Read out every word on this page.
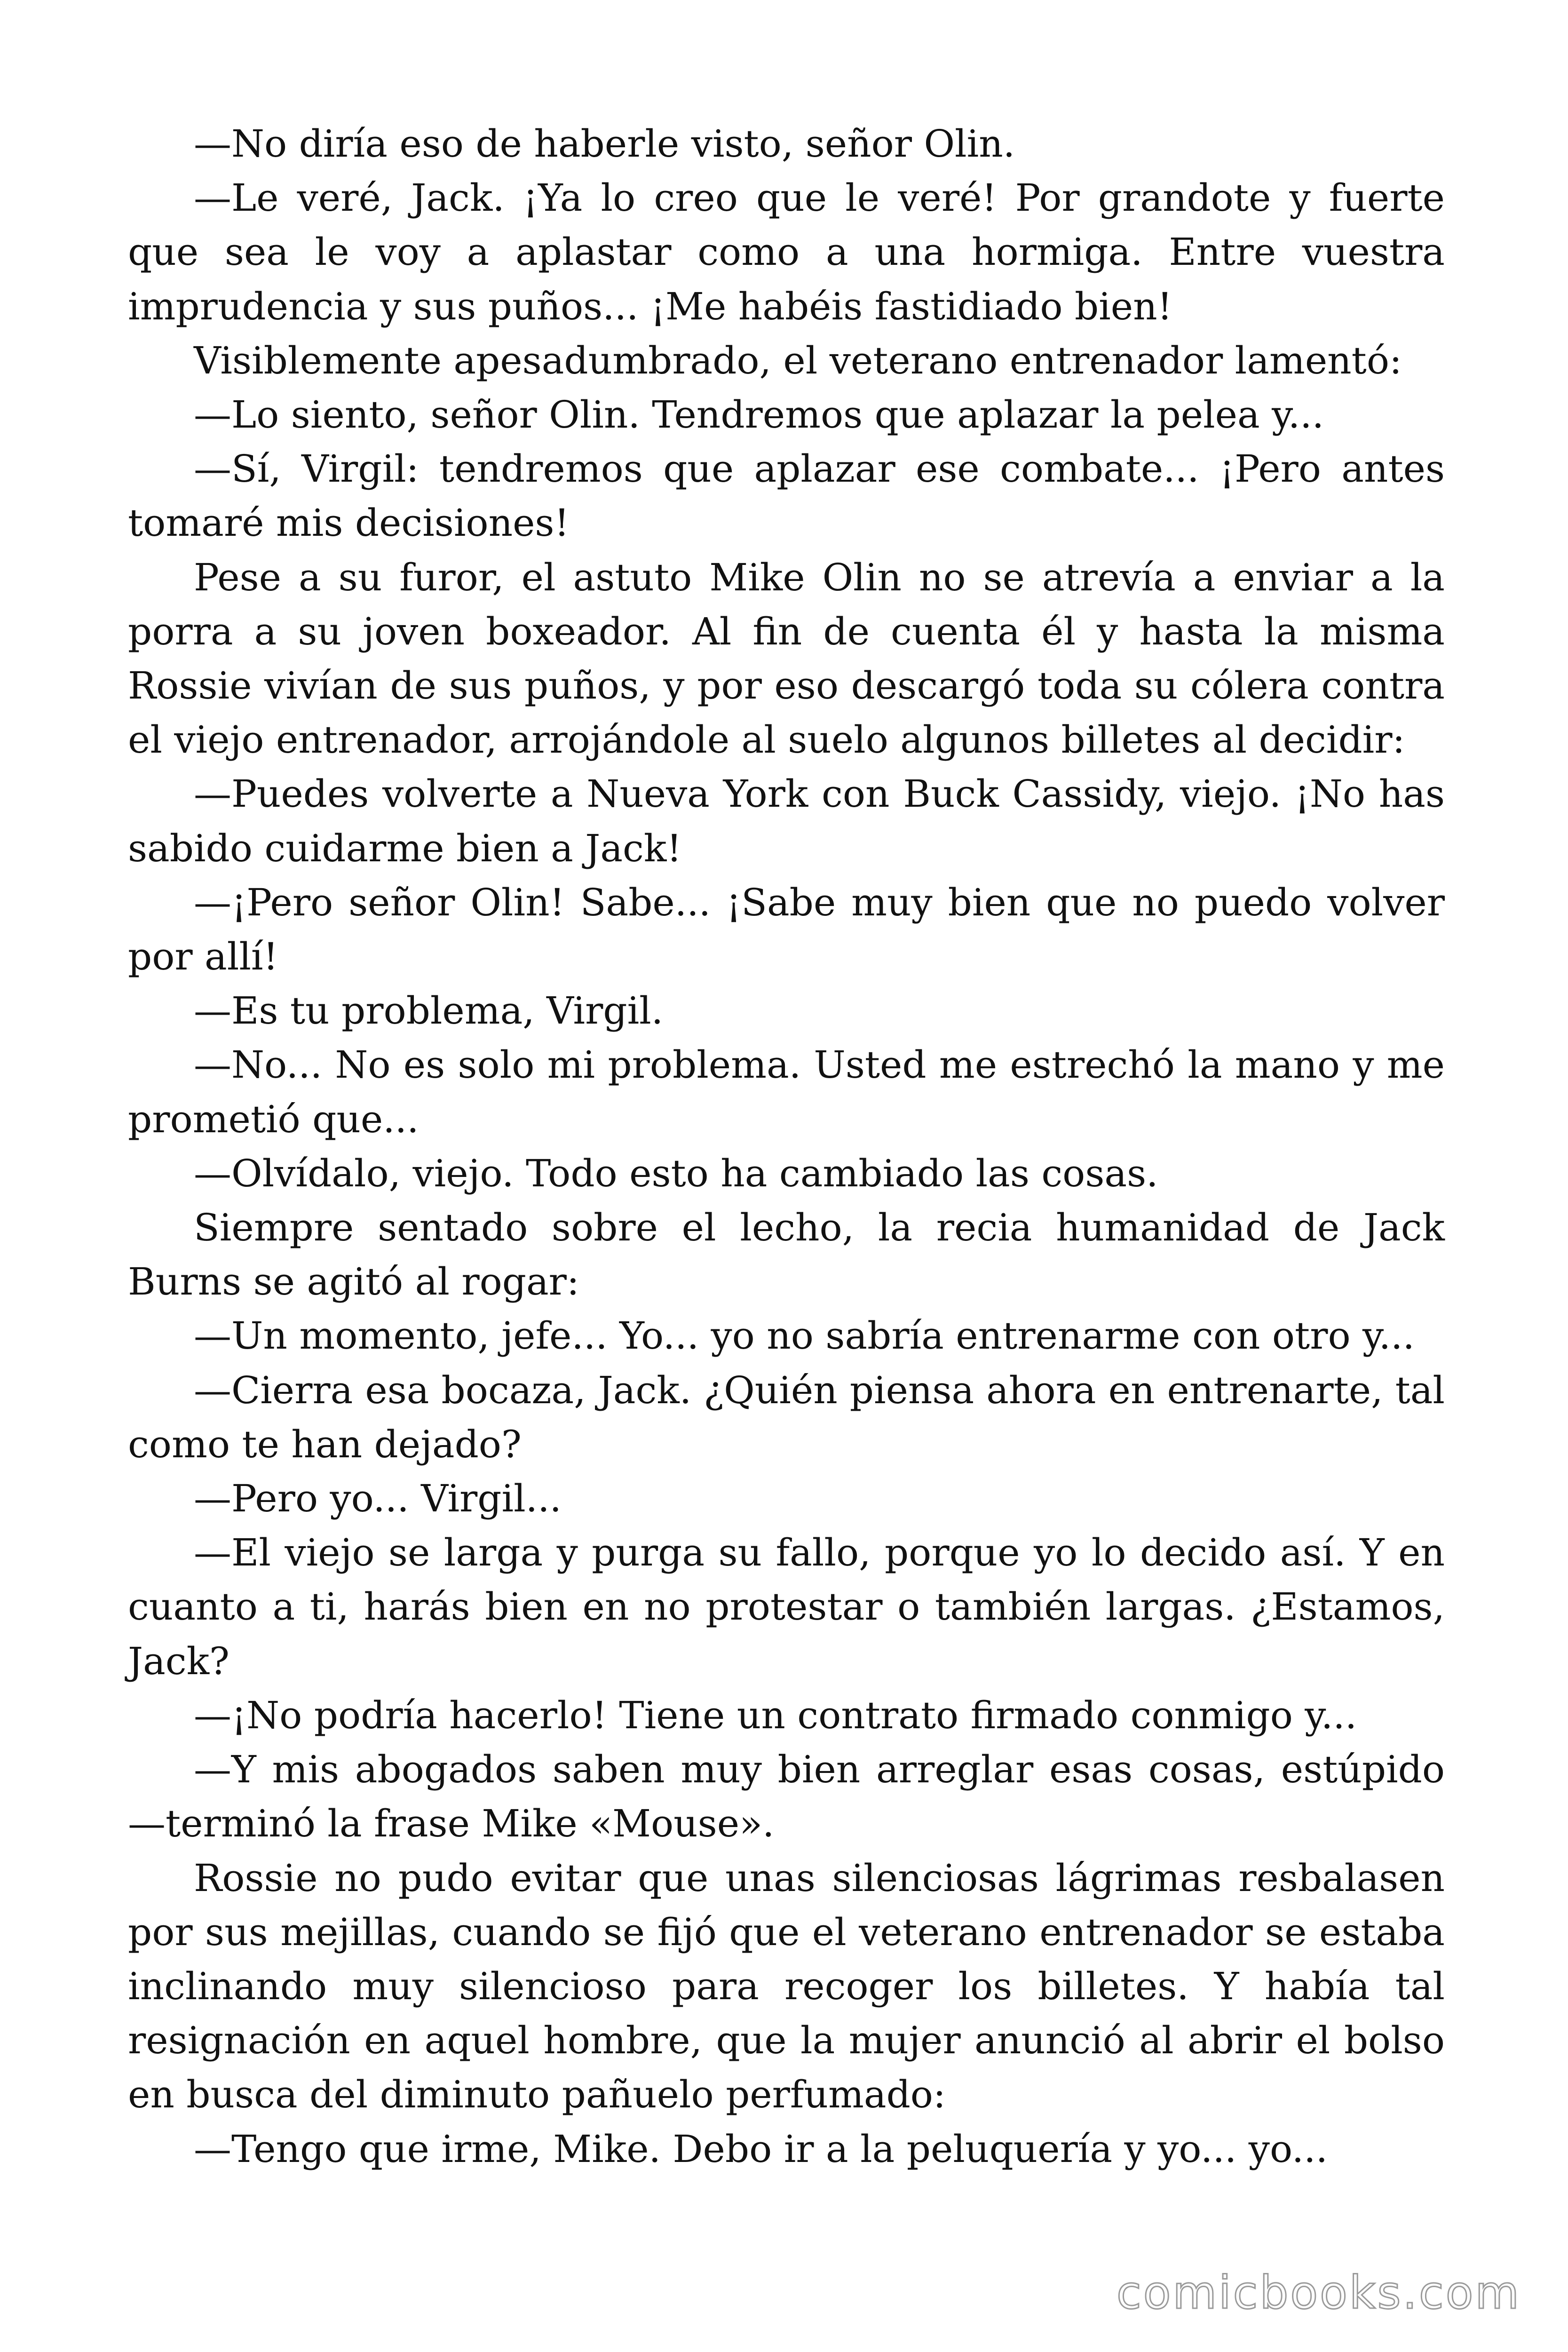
—No diría eso de haberle visto, señor Olin.

—Le veré, Jack. ¡Ya lo creo que le veré! Por grandote y fuerte que sea le voy a aplastar como a una hormiga. Entre vuestra imprudencia y sus puños... ¡Me habéis fastidiado bien!

Visiblemente apesadumbrado, el veterano entrenador lamentó:

—Lo siento, señor Olin. Tendremos que aplazar la pelea y...

—Sí, Virgil: tendremos que aplazar ese combate... ¡Pero antes tomaré mis decisiones!

Pese a su furor, el astuto Mike Olin no se atrevía a enviar a la porra a su joven boxeador. Al fin de cuenta él y hasta la misma Rossie vivían de sus puños, y por eso descargó toda su cólera contra el viejo entrenador, arrojándole al suelo algunos billetes al decidir:

—Puedes volverte a Nueva York con Buck Cassidy, viejo. ¡No has sabido cuidarme bien a Jack!

—¡Pero señor Olin! Sabe... ¡Sabe muy bien que no puedo volver por allí!

—Es tu problema, Virgil.

—No... No es solo mi problema. Usted me estrechó la mano y me prometió que...

—Olvídalo, viejo. Todo esto ha cambiado las cosas.

Siempre sentado sobre el lecho, la recia humanidad de Jack Burns se agitó al rogar:

—Un momento, jefe... Yo... yo no sabría entrenarme con otro y...

—Cierra esa bocaza, Jack. ¿Quién piensa ahora en entrenarte, tal como te han dejado?

—Pero yo... Virgil...

—El viejo se larga y purga su fallo, porque yo lo decido así. Y en cuanto a ti, harás bien en no protestar o también largas. ¿Estamos, Jack?

—¡No podría hacerlo! Tiene un contrato firmado conmigo y...

—Y mis abogados saben muy bien arreglar esas cosas, estúpido —terminó la frase Mike «Mouse».

Rossie no pudo evitar que unas silenciosas lágrimas resbalasen por sus mejillas, cuando se fijó que el veterano entrenador se estaba inclinando muy silencioso para recoger los billetes. Y había tal resignación en aquel hombre, que la mujer anunció al abrir el bolso en busca del diminuto pañuelo perfumado:

—Tengo que irme, Mike. Debo ir a la peluquería y yo... yo...

comicbooks.com
